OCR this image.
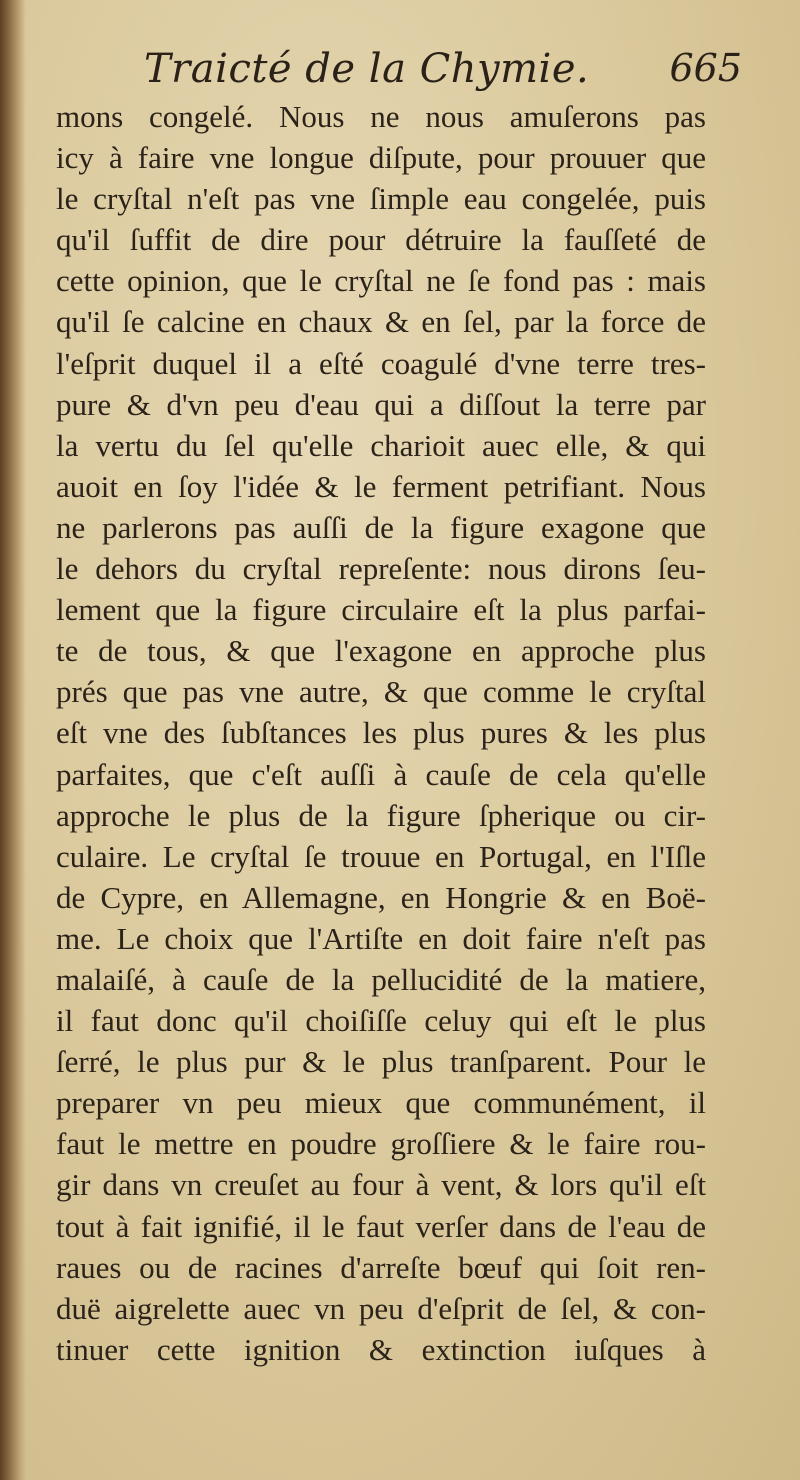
Traicté de la Chymie. 665
mons congelé. Nous ne nous amuſerons pas
icy à faire vne longue diſpute, pour prouuer que
le cryſtal n'eſt pas vne ſimple eau congelée, puis
qu'il ſuffit de dire pour détruire la fauſſeté de
cette opinion, que le cryſtal ne ſe fond pas : mais
qu'il ſe calcine en chaux & en ſel, par la force de
l'eſprit duquel il a eſté coagulé d'vne terre tres-
pure & d'vn peu d'eau qui a diſſout la terre par
la vertu du ſel qu'elle charioit auec elle, & qui
auoit en ſoy l'idée & le ferment petrifiant. Nous
ne parlerons pas auſſi de la figure exagone que
le dehors du cryſtal repreſente: nous dirons ſeu-
lement que la figure circulaire eſt la plus parfai-
te de tous, & que l'exagone en approche plus
prés que pas vne autre, & que comme le cryſtal
eſt vne des ſubſtances les plus pures & les plus
parfaites, que c'eſt auſſi à cauſe de cela qu'elle
approche le plus de la figure ſpherique ou cir-
culaire. Le cryſtal ſe trouue en Portugal, en l'Iſle
de Cypre, en Allemagne, en Hongrie & en Boë-
me. Le choix que l'Artiſte en doit faire n'eſt pas
malaiſé, à cauſe de la pellucidité de la matiere,
il faut donc qu'il choiſiſſe celuy qui eſt le plus
ſerré, le plus pur & le plus tranſparent. Pour le
preparer vn peu mieux que communément, il
faut le mettre en poudre groſſiere & le faire rou-
gir dans vn creuſet au four à vent, & lors qu'il eſt
tout à fait ignifié, il le faut verſer dans de l'eau de
raues ou de racines d'arreſte bœuf qui ſoit ren-
duë aigrelette auec vn peu d'eſprit de ſel, & con-
tinuer cette ignition & extinction iuſques à
